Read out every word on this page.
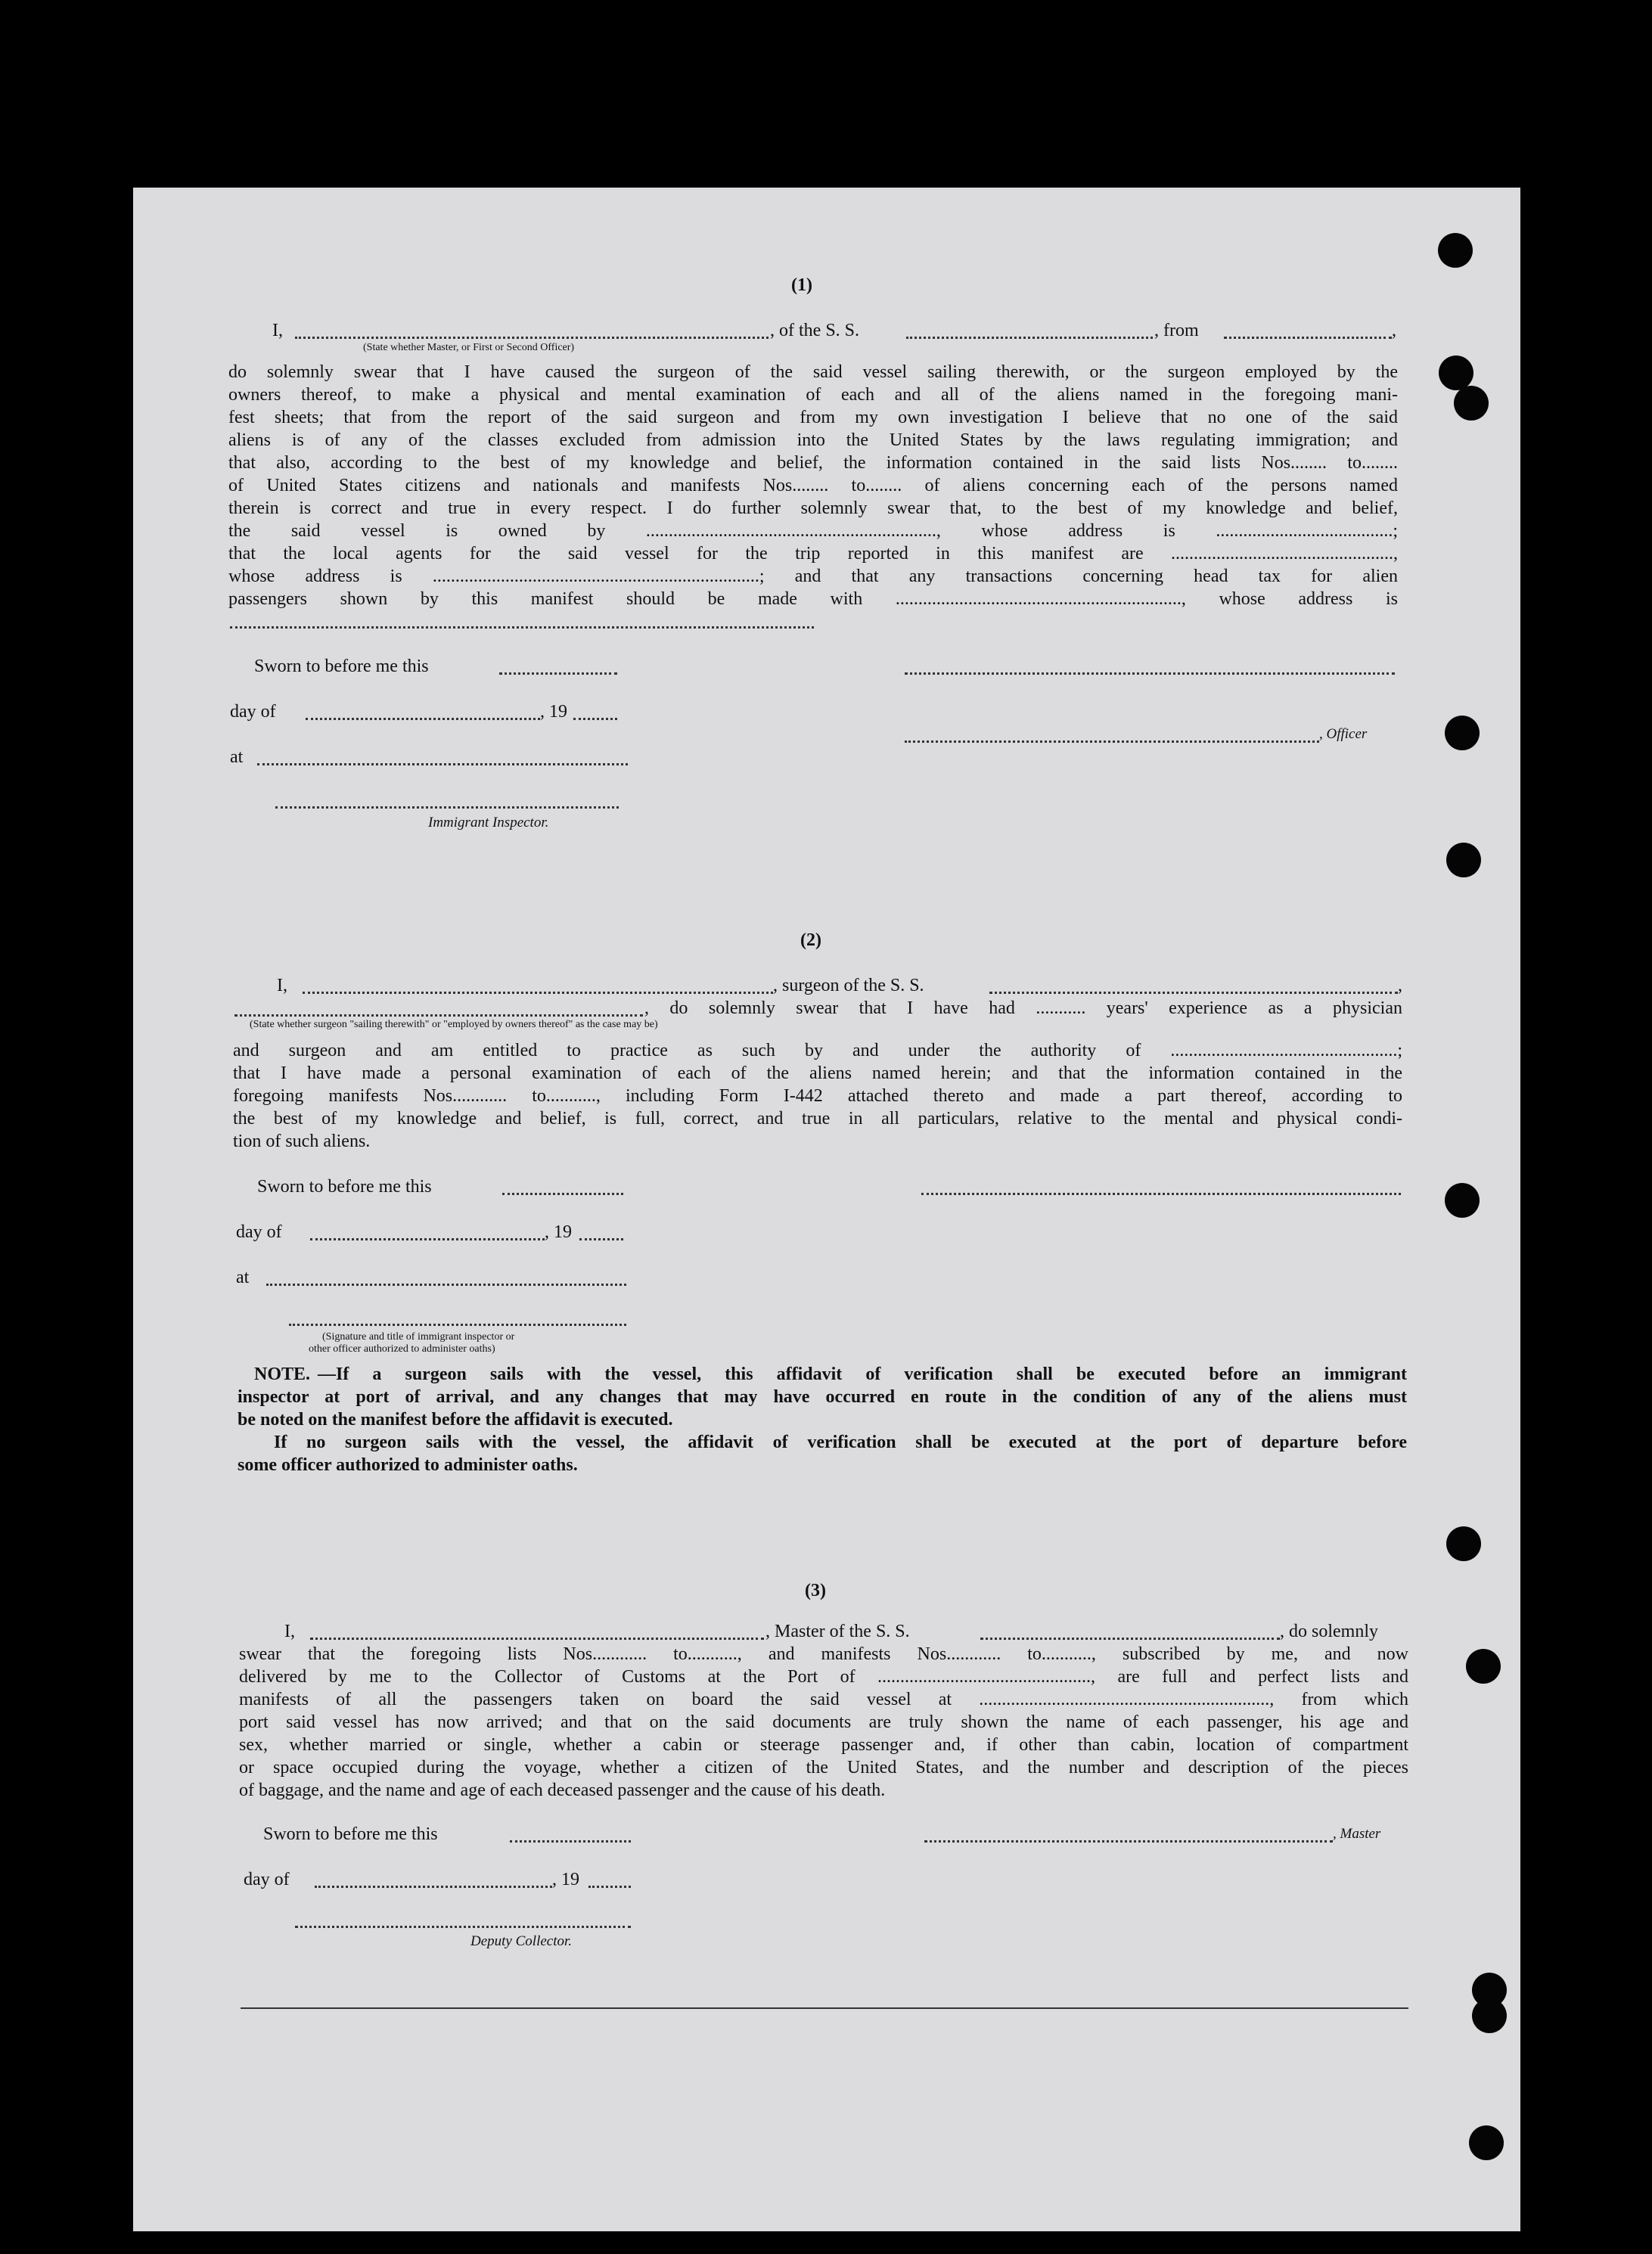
(1)
I,	, of the S. S.	, from	,
(State whether Master, or First or Second Officer)
do solemnly swear that I have caused the surgeon of the said vessel sailing therewith, or the surgeon employed by the
owners thereof, to make a physical and mental examination of each and all of the aliens named in the foregoing mani-
fest sheets; that from the report of the said surgeon and from my own investigation I believe that no one of the said
aliens is of any of the classes excluded from admission into the United States by the laws regulating immigration; and
that also, according to the best of my knowledge and belief, the information contained in the said lists Nos........ to........
of United States citizens and nationals and manifests Nos........ to........ of aliens concerning each of the persons named
therein is correct and true in every respect. I do further solemnly swear that, to the best of my knowledge and belief,
the said vessel is owned by ................................................................, whose address is .......................................;
that the local agents for the said vessel for the trip reported in this manifest are .................................................,
whose address is ........................................................................; and that any transactions concerning head tax for alien
passengers shown by this manifest should be made with ..............................................................., whose address is
Sworn to before me this
day of	, 19
, Officer
at
Immigrant Inspector.
(2)
I,	, surgeon of the S. S.	,
, do solemnly swear that I have had ........... years' experience as a physician
(State whether surgeon "sailing therewith" or "employed by owners thereof" as the case may be)
and surgeon and am entitled to practice as such by and under the authority of ..................................................;
that I have made a personal examination of each of the aliens named herein; and that the information contained in the
foregoing manifests Nos............ to..........., including Form I-442 attached thereto and made a part thereof, according to
the best of my knowledge and belief, is full, correct, and true in all particulars, relative to the mental and physical condi-
tion of such aliens.
Sworn to before me this
day of	, 19
at
(Signature and title of immigrant inspector or
other officer authorized to administer oaths)
NOTE. —If a surgeon sails with the vessel, this affidavit of verification shall be executed before an immigrant
inspector at port of arrival, and any changes that may have occurred en route in the condition of any of the aliens must
be noted on the manifest before the affidavit is executed.
If no surgeon sails with the vessel, the affidavit of verification shall be executed at the port of departure before
some officer authorized to administer oaths.
(3)
I,	, Master of the S. S.	, do solemnly
swear that the foregoing lists Nos............ to..........., and manifests Nos............ to..........., subscribed by me, and now
delivered by me to the Collector of Customs at the Port of ..............................................., are full and perfect lists and
manifests of all the passengers taken on board the said vessel at ................................................................, from which
port said vessel has now arrived; and that on the said documents are truly shown the name of each passenger, his age and
sex, whether married or single, whether a cabin or steerage passenger and, if other than cabin, location of compartment
or space occupied during the voyage, whether a citizen of the United States, and the number and description of the pieces
of baggage, and the name and age of each deceased passenger and the cause of his death.
Sworn to before me this	, Master
day of	, 19
Deputy Collector.
